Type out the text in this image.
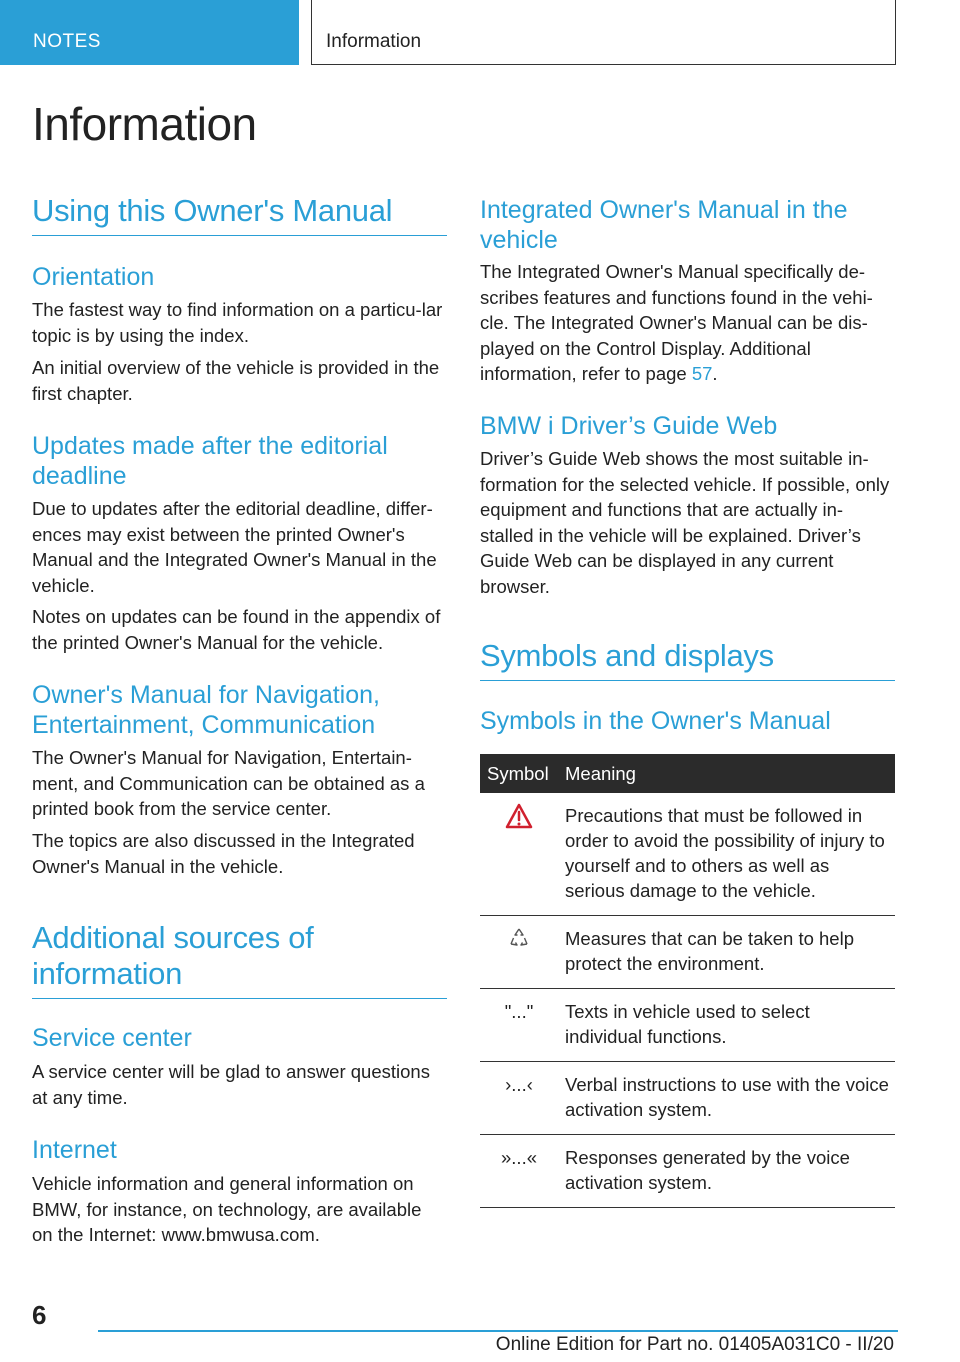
NOTES	Information
Information
Using this Owner's Manual
Orientation

The fastest way to find information on a particu-lar topic is by using the index.

An initial overview of the vehicle is provided in the first chapter.

Updates made after the editorial deadline

Due to updates after the editorial deadline, differ-ences may exist between the printed Owner's Manual and the Integrated Owner's Manual in the vehicle.

Notes on updates can be found in the appendix of the printed Owner's Manual for the vehicle.

Owner's Manual for Navigation, Entertainment, Communication

The Owner's Manual for Navigation, Entertain-ment, and Communication can be obtained as a printed book from the service center.

The topics are also discussed in the Integrated Owner's Manual in the vehicle.

Additional sources of information
Service center

A service center will be glad to answer questions at any time.

Internet

Vehicle information and general information on BMW, for instance, on technology, are available on the Internet: www.bmwusa.com.

Integrated Owner's Manual in the vehicle

The Integrated Owner's Manual specifically de-scribes features and functions found in the vehi-cle. The Integrated Owner's Manual can be dis-played on the Control Display. Additional information, refer to page 57.

BMW i Driver’s Guide Web

Driver’s Guide Web shows the most suitable in-formation for the selected vehicle. If possible, only equipment and functions that are actually in-stalled in the vehicle will be explained. Driver’s Guide Web can be displayed in any current browser.

Symbols and displays
Symbols in the Owner's Manual
Symbol	Meaning
	Precautions that must be followed in order to avoid the possibility of injury to yourself and to others as well as serious damage to the vehicle.
	Measures that can be taken to help protect the environment.
"..."	Texts in vehicle used to select individual functions.
›...‹	Verbal instructions to use with the voice activation system.
»...«	Responses generated by the voice activation system.
6
Online Edition for Part no. 01405A031C0 - II/20
